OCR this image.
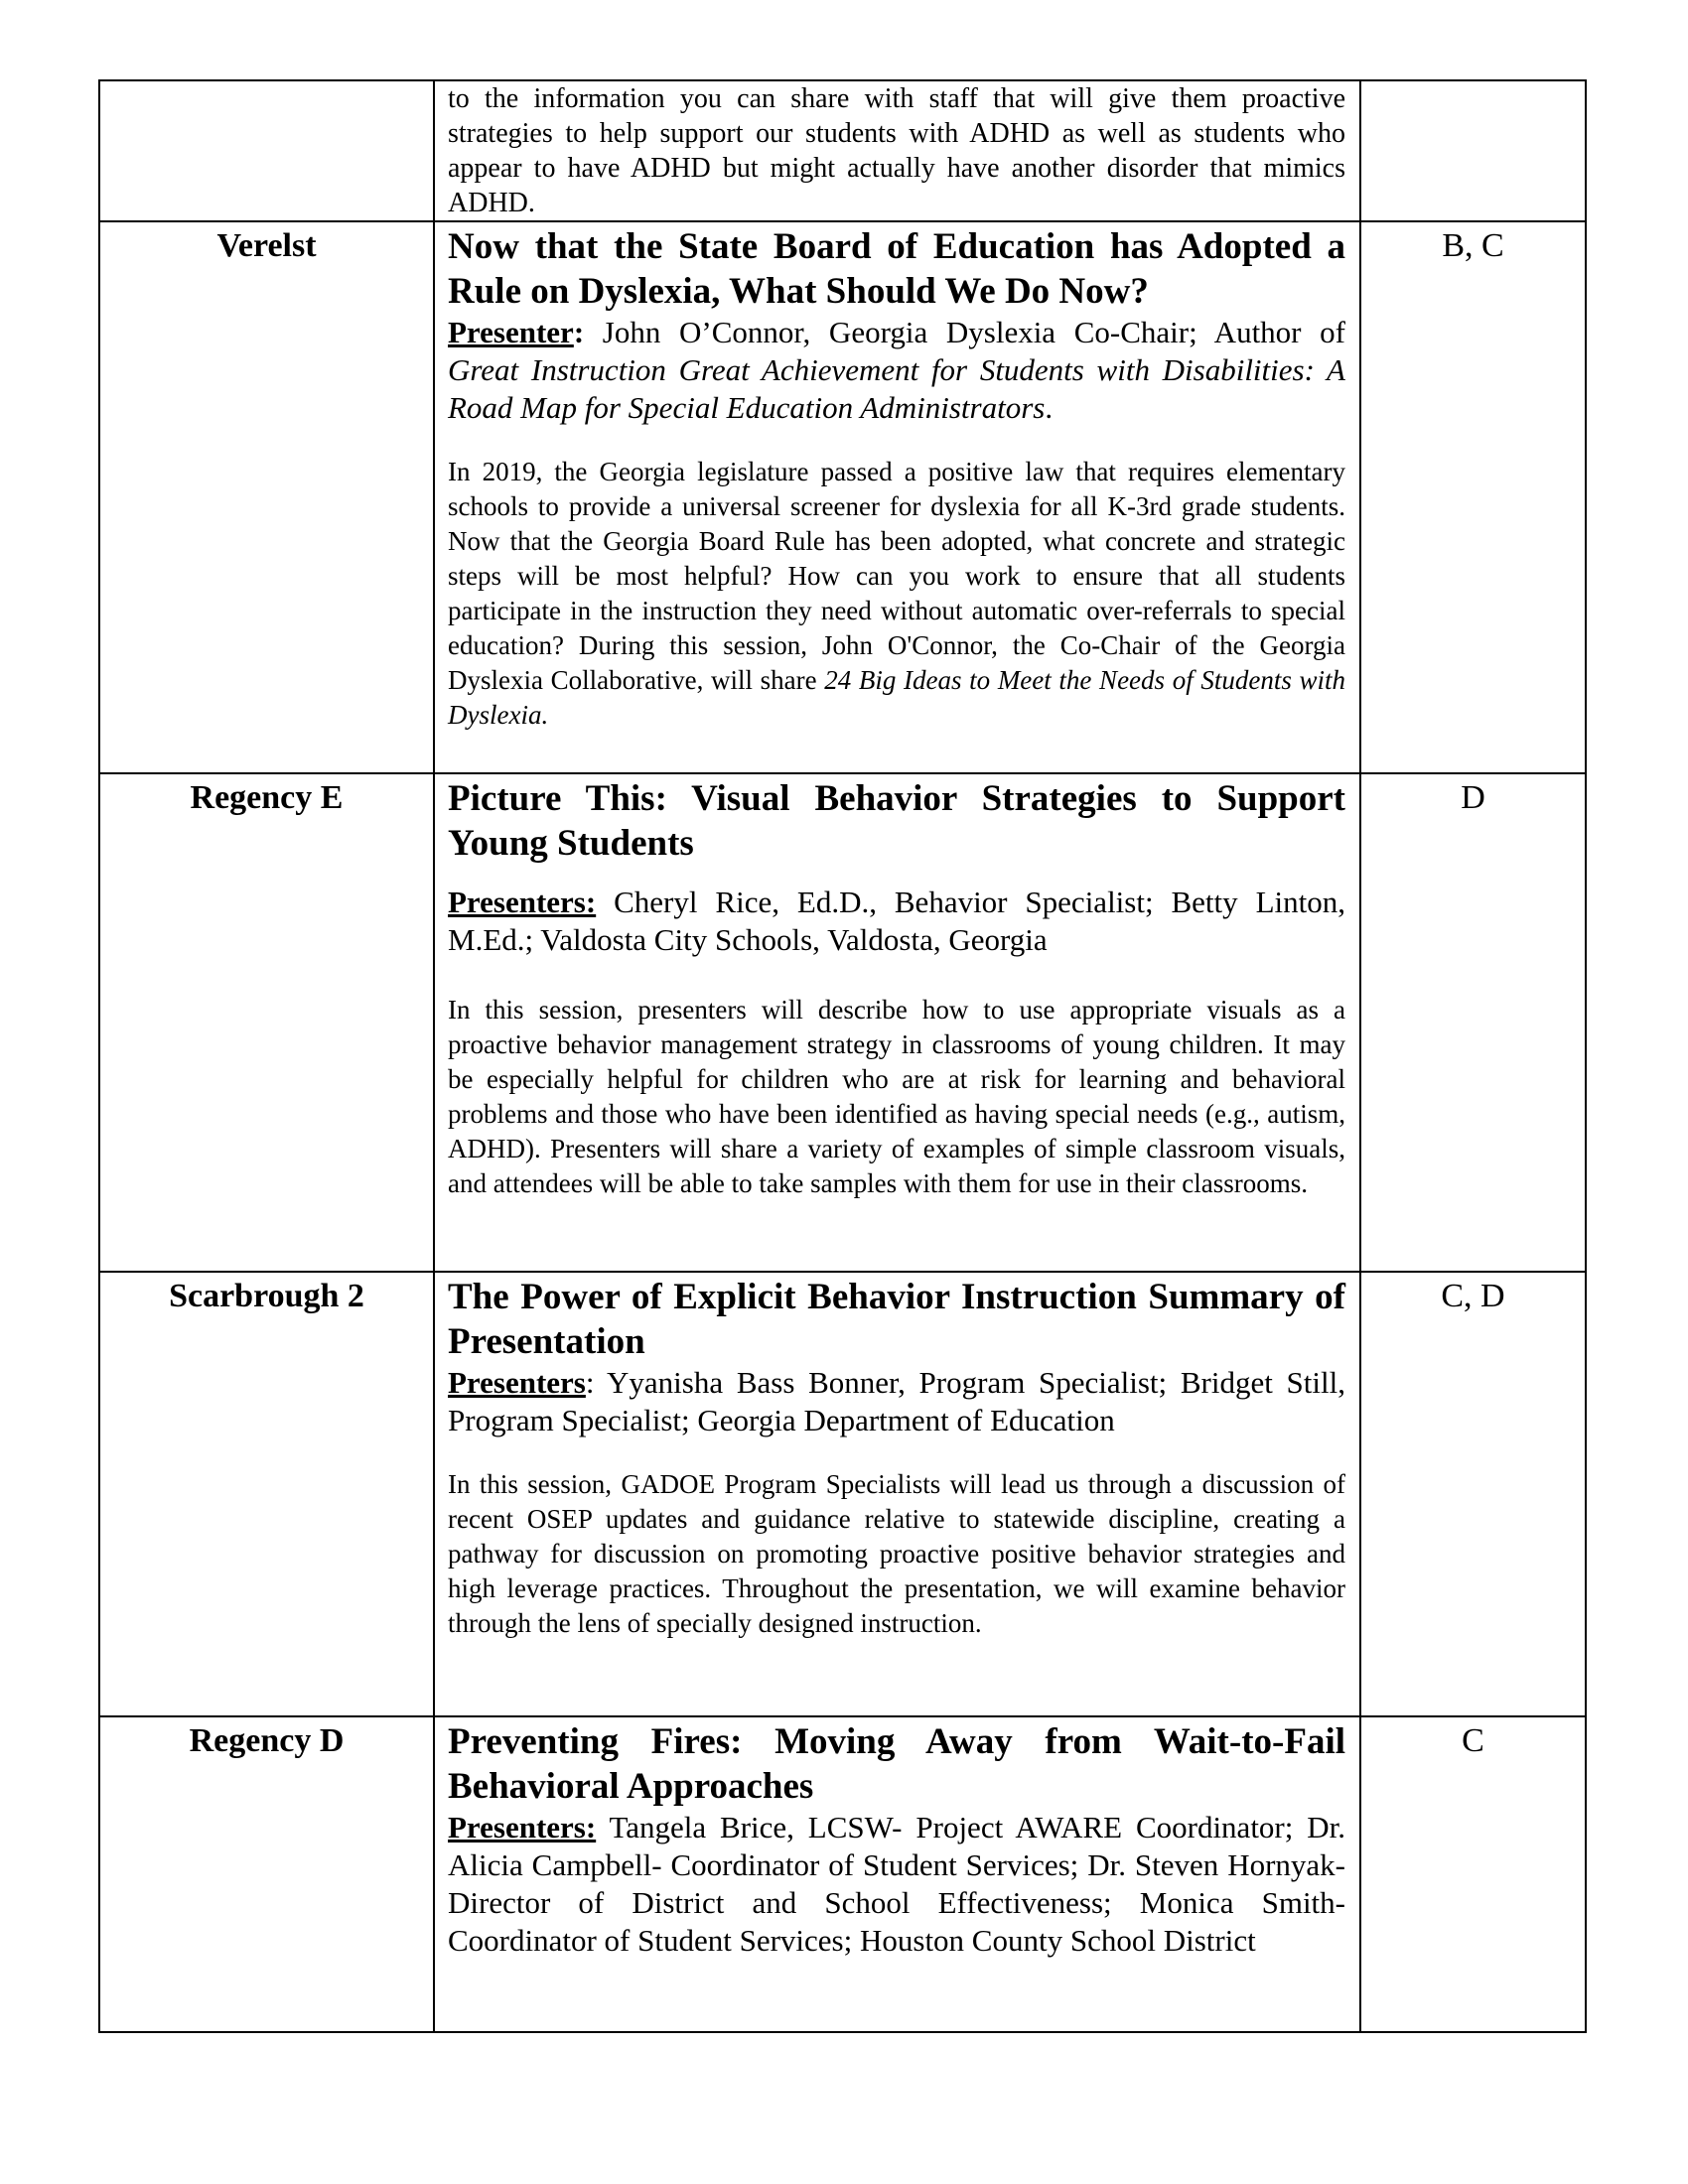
	to the information you can share with staff that will give them proactive strategies to help support our students with ADHD as well as students who appear to have ADHD but might actually have another disorder that mimics ADHD.	

Verelst	Now that the State Board of Education has Adopted a Rule on Dyslexia, What Should We Do Now?

Presenter: John O’Connor, Georgia Dyslexia Co-Chair; Author of Great Instruction Great Achievement for Students with Disabilities: A Road Map for Special Education Administrators.

In 2019, the Georgia legislature passed a positive law that requires elementary schools to provide a universal screener for dyslexia for all K-3rd grade students. Now that the Georgia Board Rule has been adopted, what concrete and strategic steps will be most helpful? How can you work to ensure that all students participate in the instruction they need without automatic over-referrals to special education? During this session, John O'Connor, the Co-Chair of the Georgia Dyslexia Collaborative, will share 24 Big Ideas to Meet the Needs of Students with Dyslexia.	B, C

Regency E	Picture This: Visual Behavior Strategies to Support Young Students

Presenters: Cheryl Rice, Ed.D., Behavior Specialist; Betty Linton, M.Ed.; Valdosta City Schools, Valdosta, Georgia

In this session, presenters will describe how to use appropriate visuals as a proactive behavior management strategy in classrooms of young children. It may be especially helpful for children who are at risk for learning and behavioral problems and those who have been identified as having special needs (e.g., autism, ADHD). Presenters will share a variety of examples of simple classroom visuals, and attendees will be able to take samples with them for use in their classrooms.	D

Scarbrough 2	The Power of Explicit Behavior Instruction Summary of Presentation

Presenters: Yyanisha Bass Bonner, Program Specialist; Bridget Still, Program Specialist; Georgia Department of Education

In this session, GADOE Program Specialists will lead us through a discussion of recent OSEP updates and guidance relative to statewide discipline, creating a pathway for discussion on promoting proactive positive behavior strategies and high leverage practices. Throughout the presentation, we will examine behavior through the lens of specially designed instruction.	C, D

Regency D	Preventing Fires: Moving Away from Wait-to-Fail Behavioral Approaches

Presenters: Tangela Brice, LCSW- Project AWARE Coordinator; Dr. Alicia Campbell- Coordinator of Student Services; Dr. Steven Hornyak- Director of District and School Effectiveness; Monica Smith- Coordinator of Student Services; Houston County School District	C
